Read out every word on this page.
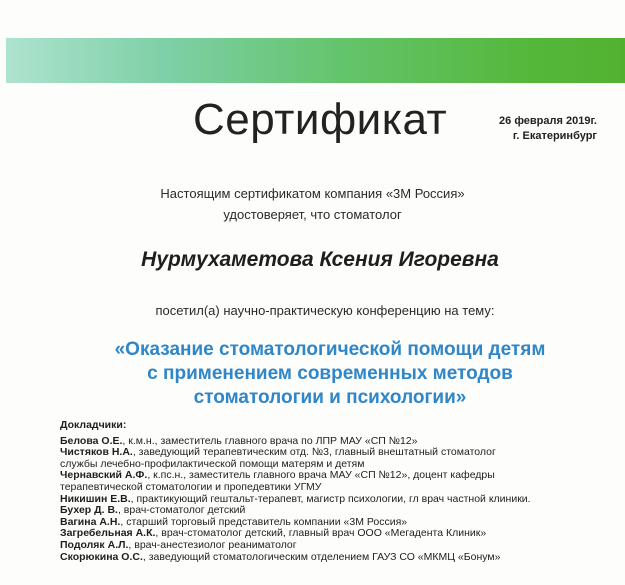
Сертификат	26 февраля 2019г.
г. Екатеринбург
Настоящим сертификатом компания «3M Россия»
удостоверяет, что стоматолог
Нурмухаметова Ксения Игоревна
посетил(а) научно-практическую конференцию на тему:
«Оказание стоматологической помощи детям
с применением современных методов
стоматологии и психологии»
Докладчики:
Белова О.Е., к.м.н., заместитель главного врача по ЛПР МАУ «СП №12»
Чистяков Н.А., заведующий терапевтическим отд. №3, главный внештатный стоматолог
службы лечебно-профилактической помощи матерям и детям
Чернавский А.Ф., к.пс.н., заместитель главного врача МАУ «СП №12», доцент кафедры
терапевтической стоматологии и пропедевтики УГМУ
Никишин Е.В., практикующий гештальт-терапевт, магистр психологии, гл врач частной клиники.
Бухер Д. В., врач-стоматолог детский
Вагина А.Н., старший торговый представитель компании «3M Россия»
Загребельная А.К., врач-стоматолог детский, главный врач ООО «Мегадента Клиник»
Подоляк А.Л., врач-анестезиолог реаниматолог
Скорюкина О.С., заведующий стоматологическим отделением ГАУЗ СО «МКМЦ «Бонум»
